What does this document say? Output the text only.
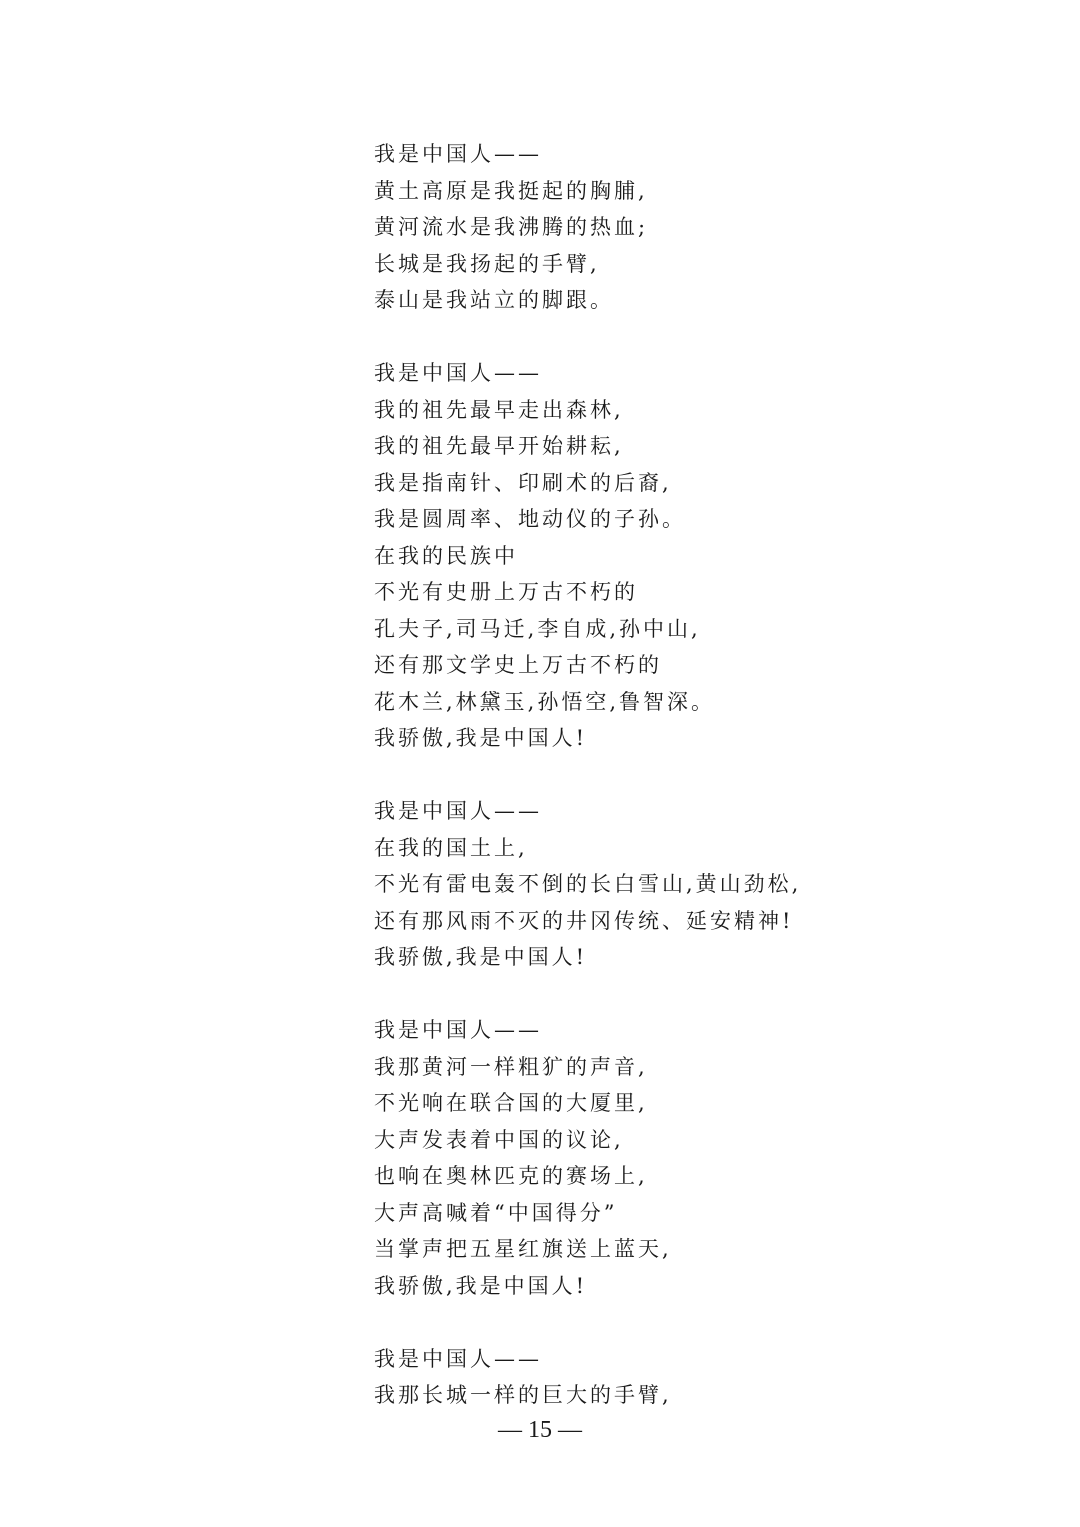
我是中国人——
黄土高原是我挺起的胸脯,
黄河流水是我沸腾的热血;
长城是我扬起的手臂,
泰山是我站立的脚跟。
我是中国人——
我的祖先最早走出森林,
我的祖先最早开始耕耘,
我是指南针、印刷术的后裔,
我是圆周率、地动仪的子孙。
在我的民族中
不光有史册上万古不朽的
孔夫子,司马迁,李自成,孙中山,
还有那文学史上万古不朽的
花木兰,林黛玉,孙悟空,鲁智深。
我骄傲,我是中国人!
我是中国人——
在我的国土上,
不光有雷电轰不倒的长白雪山,黄山劲松,
还有那风雨不灭的井冈传统、延安精神!
我骄傲,我是中国人!
我是中国人——
我那黄河一样粗犷的声音,
不光响在联合国的大厦里,
大声发表着中国的议论,
也响在奥林匹克的赛场上,
大声高喊着“中国得分”
当掌声把五星红旗送上蓝天,
我骄傲,我是中国人!
我是中国人——
我那长城一样的巨大的手臂,
— 15 —
